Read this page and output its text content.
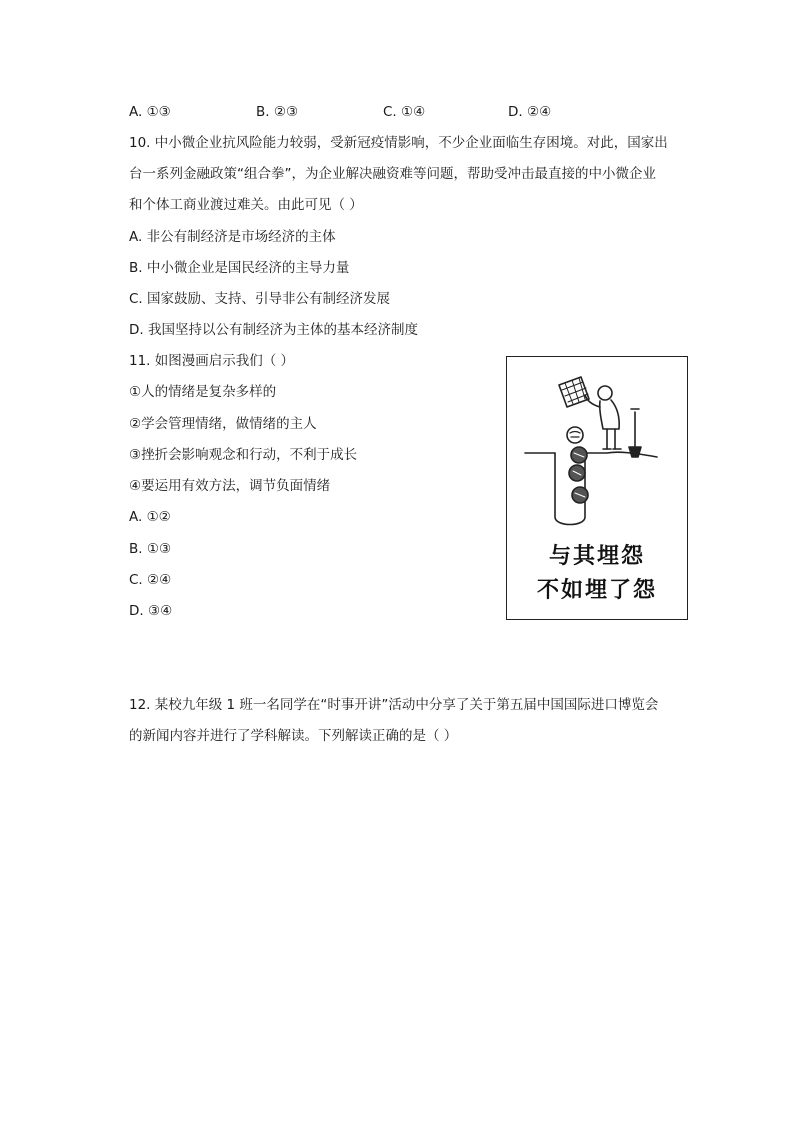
A. ①③	B. ②③	C. ①④	D. ②④
10. 中小微企业抗风险能力较弱，受新冠疫情影响，不少企业面临生存困境。对此，国家出
台一系列金融政策“组合拳”，为企业解决融资难等问题，帮助受冲击最直接的中小微企业
和个体工商业渡过难关。由此可见（ ）
A. 非公有制经济是市场经济的主体
B. 中小微企业是国民经济的主导力量
C. 国家鼓励、支持、引导非公有制经济发展
D. 我国坚持以公有制经济为主体的基本经济制度
11. 如图漫画启示我们（ ）
①人的情绪是复杂多样的
②学会管理情绪，做情绪的主人
③挫折会影响观念和行动，不利于成长
④要运用有效方法，调节负面情绪
A. ①②
B. ①③
C. ②④
D. ③④
与其埋怨
不如埋了怨
12. 某校九年级 1 班一名同学在“时事开讲”活动中分享了关于第五届中国国际进口博览会
的新闻内容并进行了学科解读。下列解读正确的是（ ）
